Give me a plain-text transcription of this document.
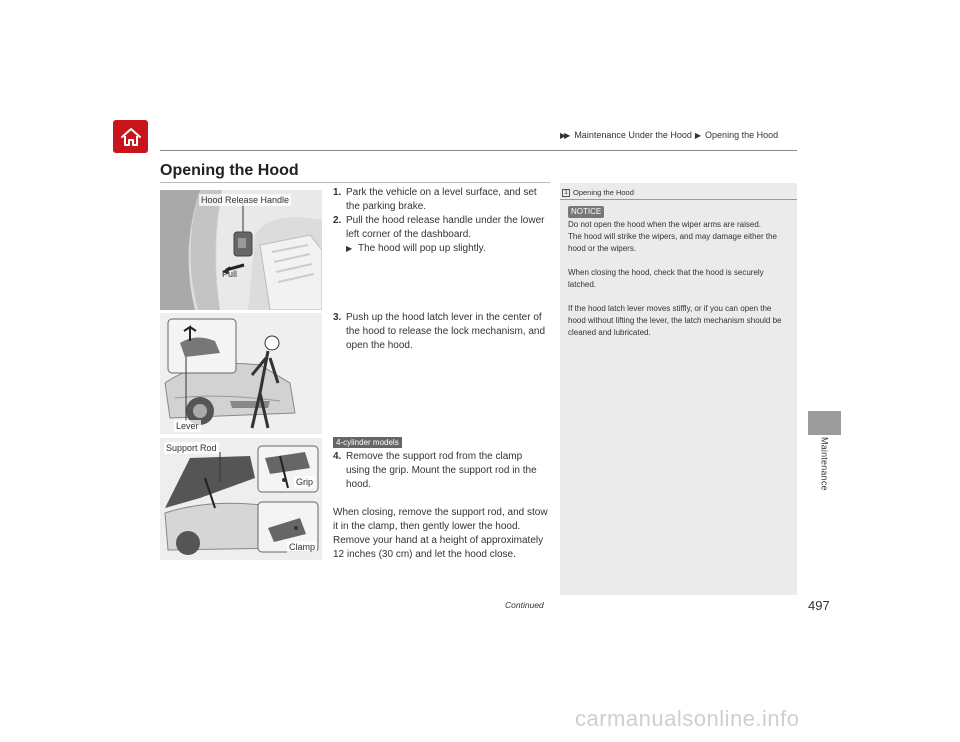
▶▶ Maintenance Under the Hood ▶ Opening the Hood
Maintenance
Opening the Hood
Hood Release Handle
Pull
Lever
Support Rod
Grip
Clamp
1. Park the vehicle on a level surface, and set the parking brake.
2. Pull the hood release handle under the lower left corner of the dashboard.
▶ The hood will pop up slightly.
3. Push up the hood latch lever in the center of the hood to release the lock mechanism, and open the hood.
4-cylinder models
4. Remove the support rod from the clamp using the grip. Mount the support rod in the hood.
When closing, remove the support rod, and stow it in the clamp, then gently lower the hood. Remove your hand at a height of approximately 12 inches (30 cm) and let the hood close.
1 Opening the Hood
NOTICE

Do not open the hood when the wiper arms are raised.
The hood will strike the wipers, and may damage either the hood or the wipers.

When closing the hood, check that the hood is securely latched.

If the hood latch lever moves stiffly, or if you can open the hood without lifting the lever, the latch mechanism should be cleaned and lubricated.

Continued	497
carmanualsonline.info
